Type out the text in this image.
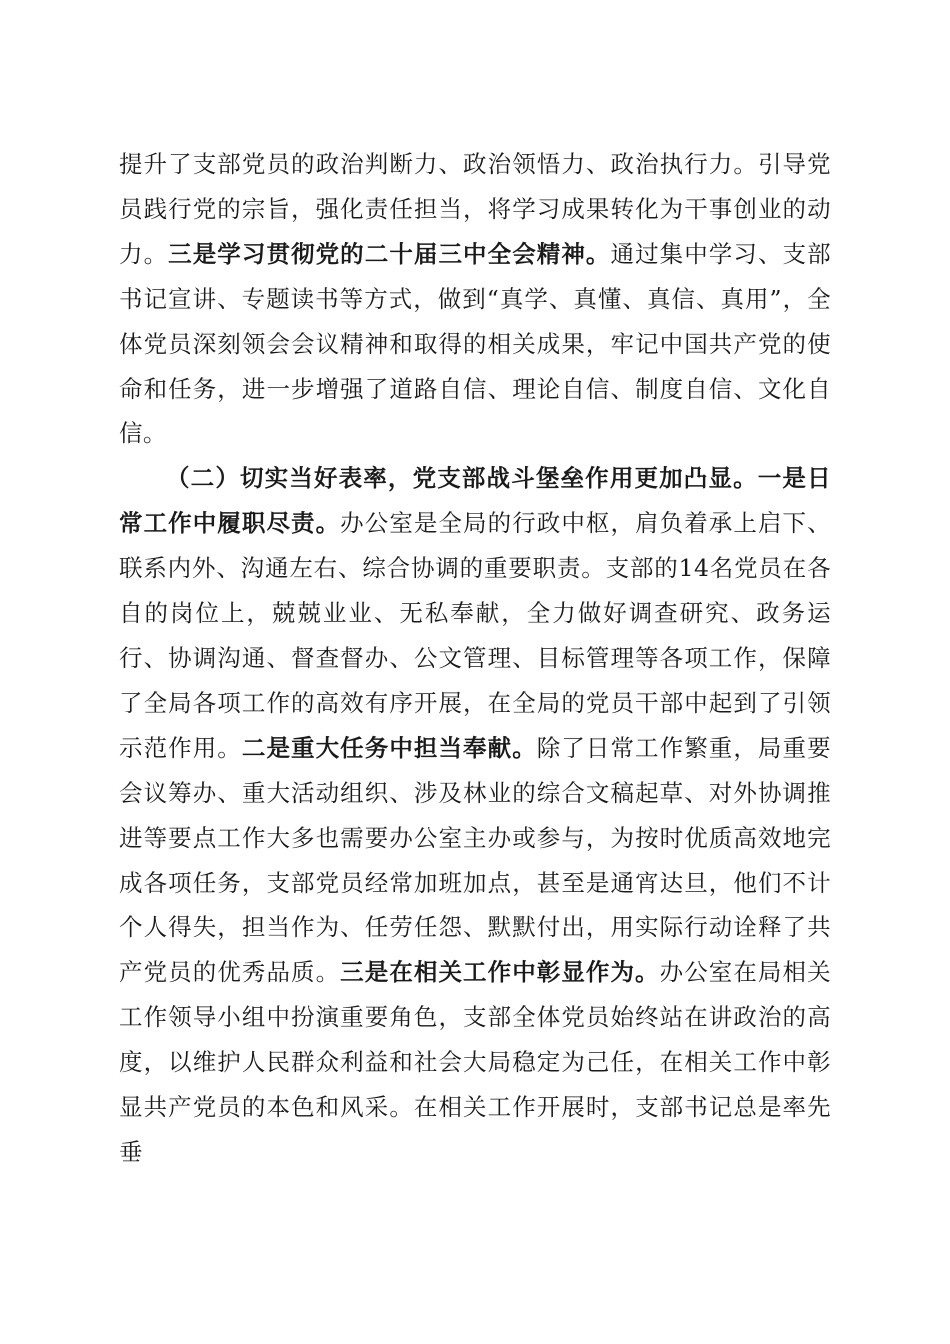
提升了支部党员的政治判断力、政治领悟力、政治执行力。引导党员践行党的宗旨，强化责任担当，将学习成果转化为干事创业的动力。三是学习贯彻党的二十届三中全会精神。通过集中学习、支部书记宣讲、专题读书等方式，做到“真学、真懂、真信、真用”，全体党员深刻领会会议精神和取得的相关成果，牢记中国共产党的使命和任务，进一步增强了道路自信、理论自信、制度自信、文化自信。

（二）切实当好表率，党支部战斗堡垒作用更加凸显。一是日常工作中履职尽责。办公室是全局的行政中枢，肩负着承上启下、联系内外、沟通左右、综合协调的重要职责。支部的14名党员在各自的岗位上，兢兢业业、无私奉献，全力做好调查研究、政务运行、协调沟通、督查督办、公文管理、目标管理等各项工作，保障了全局各项工作的高效有序开展，在全局的党员干部中起到了引领示范作用。二是重大任务中担当奉献。除了日常工作繁重，局重要会议筹办、重大活动组织、涉及林业的综合文稿起草、对外协调推进等要点工作大多也需要办公室主办或参与，为按时优质高效地完成各项任务，支部党员经常加班加点，甚至是通宵达旦，他们不计个人得失，担当作为、任劳任怨、默默付出，用实际行动诠释了共产党员的优秀品质。三是在相关工作中彰显作为。办公室在局相关工作领导小组中扮演重要角色，支部全体党员始终站在讲政治的高度，以维护人民群众利益和社会大局稳定为己任，在相关工作中彰显共产党员的本色和风采。在相关工作开展时，支部书记总是率先垂
